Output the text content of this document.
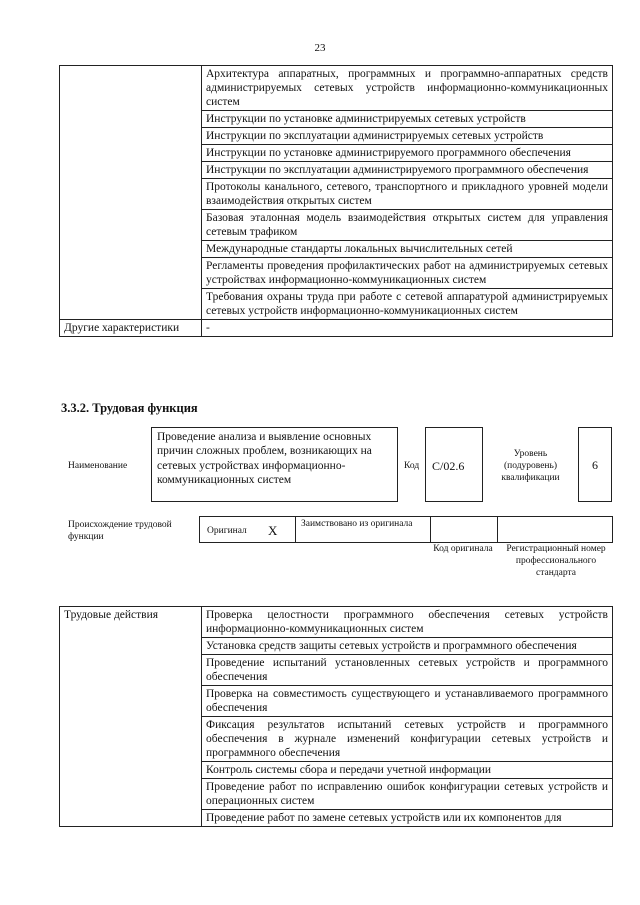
23
	Архитектура аппаратных, программных и программно-аппаратных средств администрируемых сетевых устройств информационно-коммуникационных систем
	Инструкции по установке администрируемых сетевых устройств
	Инструкции по эксплуатации администрируемых сетевых устройств
	Инструкции по установке администрируемого программного обеспечения
	Инструкции по эксплуатации администрируемого программного обеспечения
	Протоколы канального, сетевого, транспортного и прикладного уровней модели взаимодействия открытых систем
	Базовая эталонная модель взаимодействия открытых систем для управления сетевым трафиком
	Международные стандарты локальных вычислительных сетей
	Регламенты проведения профилактических работ на администрируемых сетевых устройствах информационно-коммуникационных систем
	Требования охраны труда при работе с сетевой аппаратурой администрируемых сетевых устройств информационно-коммуникационных систем
Другие характеристики	-
3.3.2. Трудовая функция
Наименование
Проведение анализа и выявление основных причин сложных проблем, возникающих на сетевых устройствах информационно-коммуникационных систем
Код	C/02.6
Уровень (подуровень) квалификации
6
Происхождение трудовой функции
Оригинал X Заимствовано из оригинала
Код оригинала	Регистрационный номер профессионального стандарта
Трудовые действия	Проверка целостности программного обеспечения сетевых устройств информационно-коммуникационных систем
Установка средств защиты сетевых устройств и программного обеспечения
Проведение испытаний установленных сетевых устройств и программного обеспечения
Проверка на совместимость существующего и устанавливаемого программного обеспечения
Фиксация результатов испытаний сетевых устройств и программного обеспечения в журнале изменений конфигурации сетевых устройств и программного обеспечения
Контроль системы сбора и передачи учетной информации
Проведение работ по исправлению ошибок конфигурации сетевых устройств и операционных систем
Проведение работ по замене сетевых устройств или их компонентов для
